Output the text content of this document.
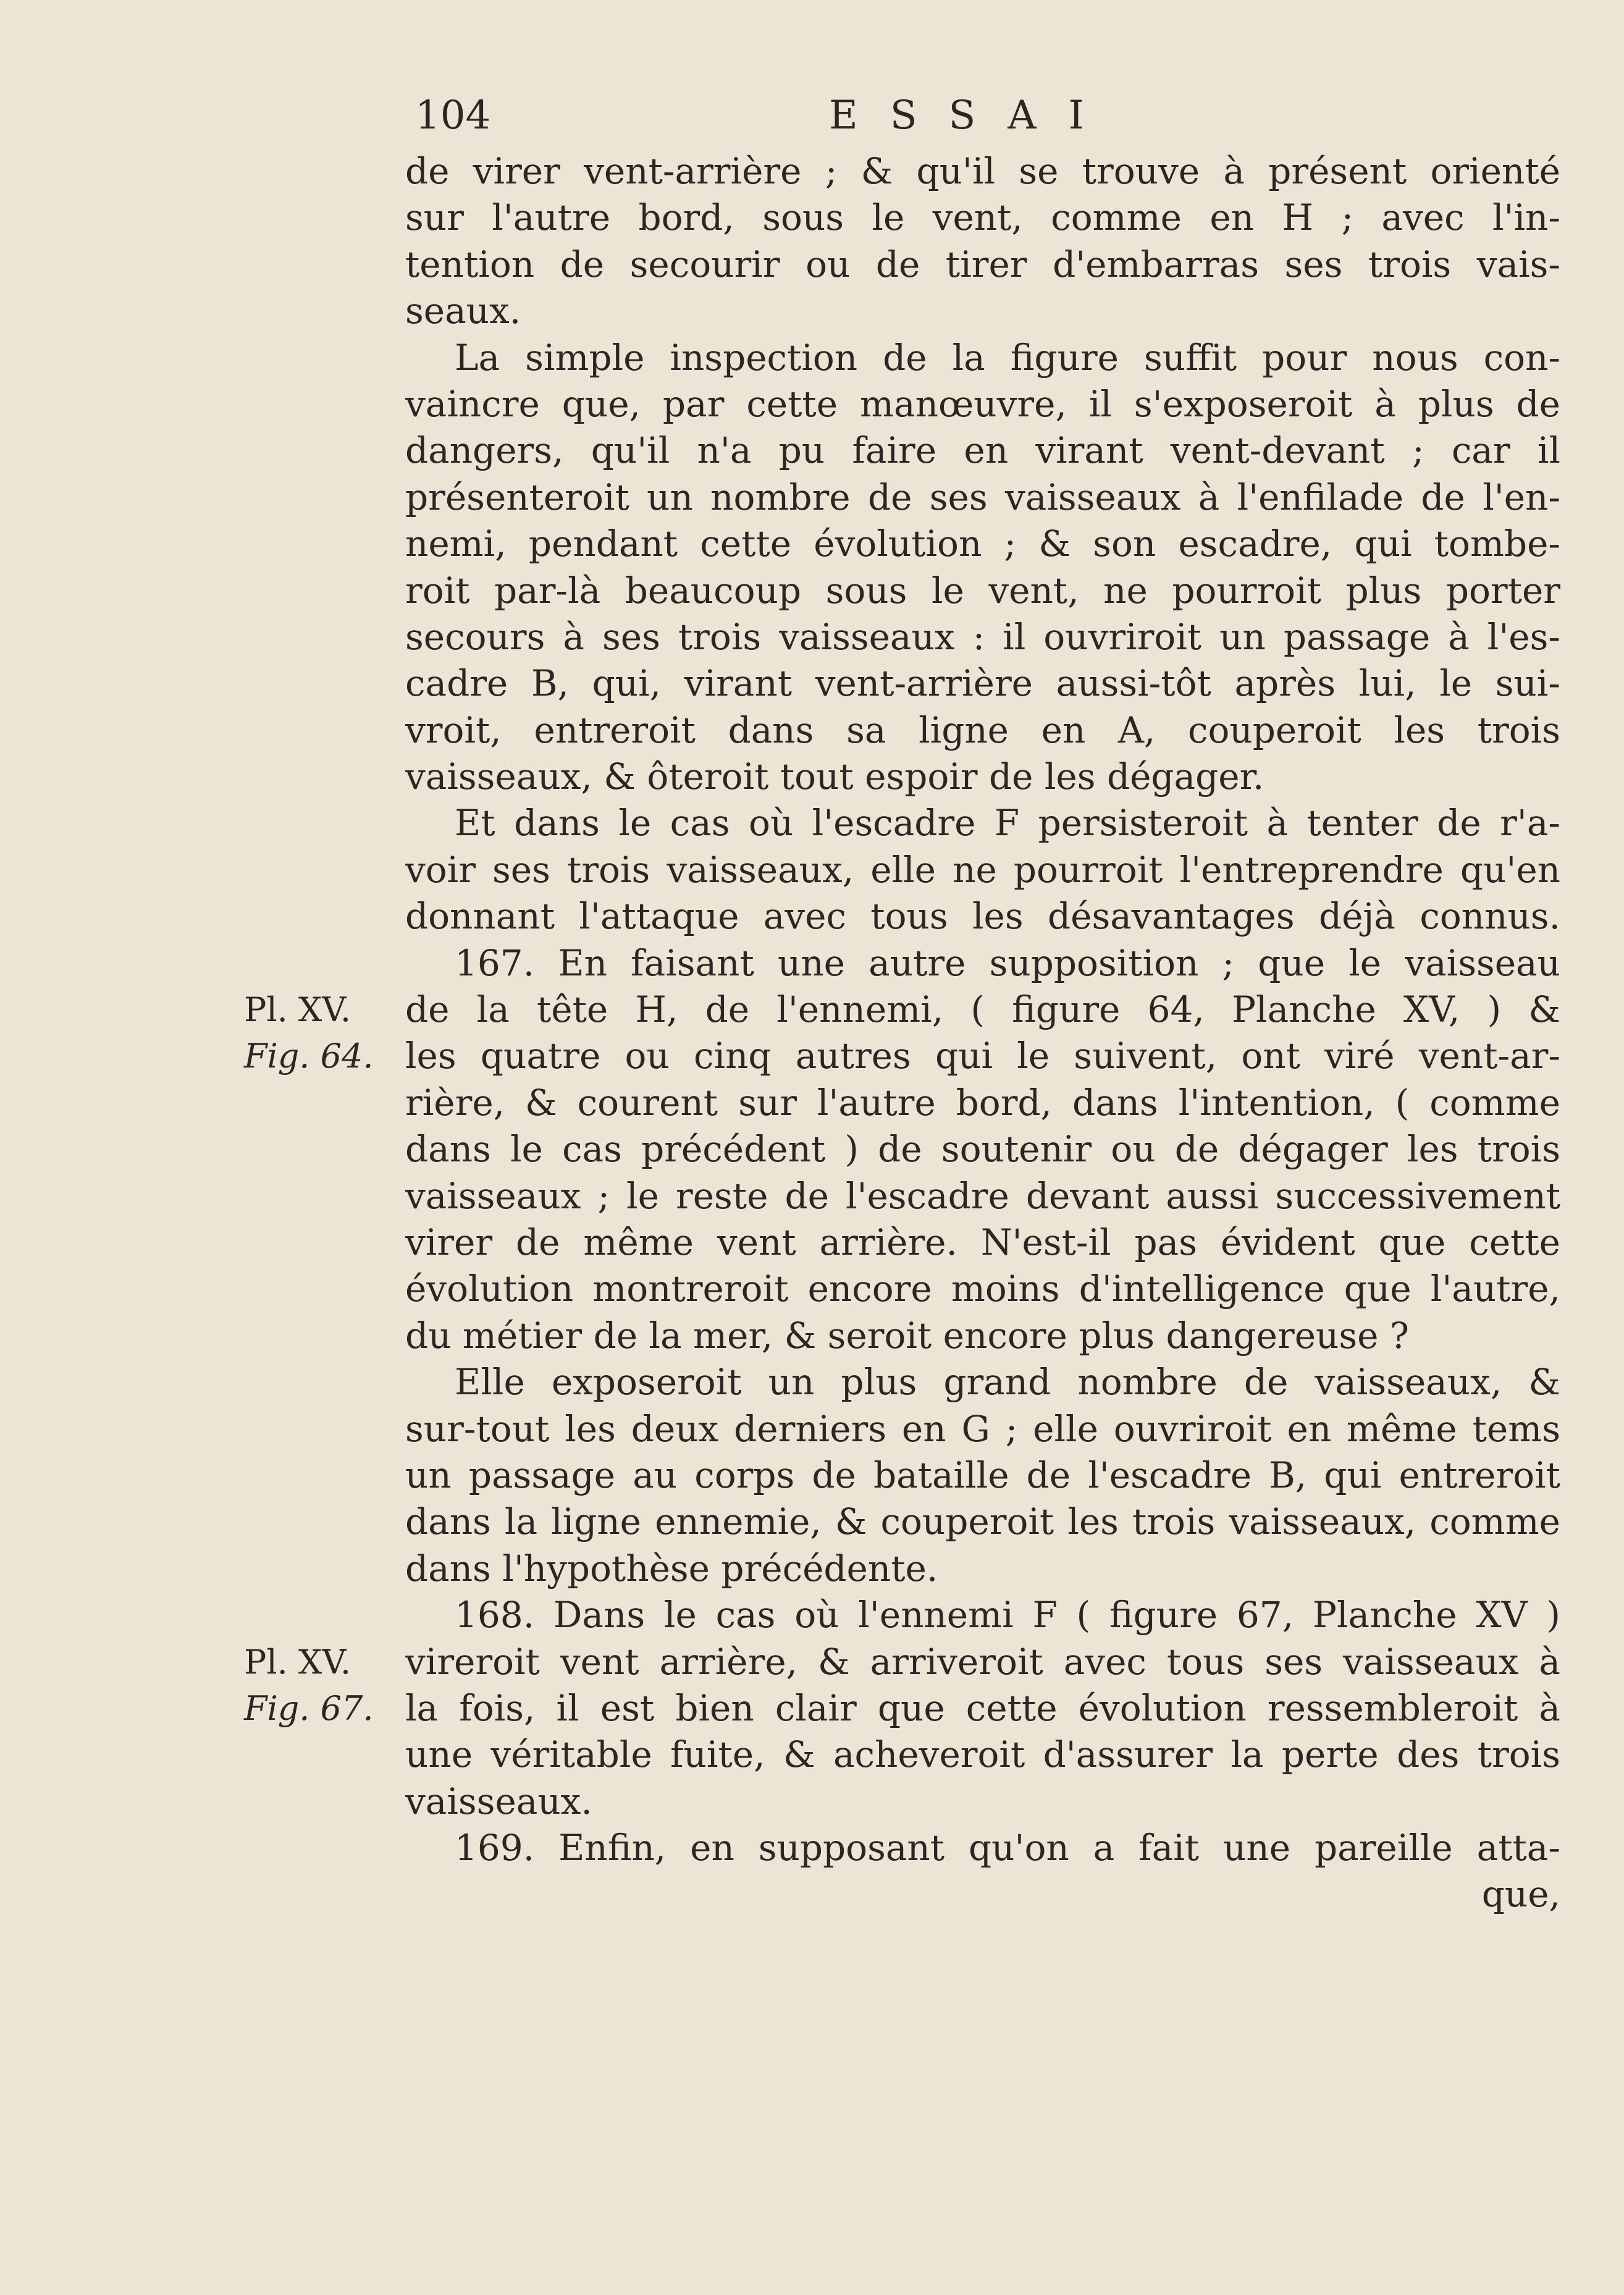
104	ESSAI
Pl. XV.
Fig. 64.
Pl. XV.
Fig. 67.
de virer vent-arrière ; & qu'il se trouve à présent orienté
sur l'autre bord, sous le vent, comme en H ; avec l'in-
tention de secourir ou de tirer d'embarras ses trois vais-
seaux.
La simple inspection de la figure suffit pour nous con-
vaincre que, par cette manœuvre, il s'exposeroit à plus de
dangers, qu'il n'a pu faire en virant vent-devant ; car il
présenteroit un nombre de ses vaisseaux à l'enfilade de l'en-
nemi, pendant cette évolution ; & son escadre, qui tombe-
roit par-là beaucoup sous le vent, ne pourroit plus porter
secours à ses trois vaisseaux : il ouvriroit un passage à l'es-
cadre B, qui, virant vent-arrière aussi-tôt après lui, le sui-
vroit, entreroit dans sa ligne en A, couperoit les trois
vaisseaux, & ôteroit tout espoir de les dégager.
Et dans le cas où l'escadre F persisteroit à tenter de r'a-
voir ses trois vaisseaux, elle ne pourroit l'entreprendre qu'en
donnant l'attaque avec tous les désavantages déjà connus.
167. En faisant une autre supposition ; que le vaisseau
de la tête H, de l'ennemi, ( figure 64, Planche XV, ) &
les quatre ou cinq autres qui le suivent, ont viré vent-ar-
rière, & courent sur l'autre bord, dans l'intention, ( comme
dans le cas précédent ) de soutenir ou de dégager les trois
vaisseaux ; le reste de l'escadre devant aussi successivement
virer de même vent arrière. N'est-il pas évident que cette
évolution montreroit encore moins d'intelligence que l'autre,
du métier de la mer, & seroit encore plus dangereuse ?
Elle exposeroit un plus grand nombre de vaisseaux, &
sur-tout les deux derniers en G ; elle ouvriroit en même tems
un passage au corps de bataille de l'escadre B, qui entreroit
dans la ligne ennemie, & couperoit les trois vaisseaux, comme
dans l'hypothèse précédente.
168. Dans le cas où l'ennemi F ( figure 67, Planche XV )
vireroit vent arrière, & arriveroit avec tous ses vaisseaux à
la fois, il est bien clair que cette évolution ressembleroit à
une véritable fuite, & acheveroit d'assurer la perte des trois
vaisseaux.
169. Enfin, en supposant qu'on a fait une pareille atta-
que,
